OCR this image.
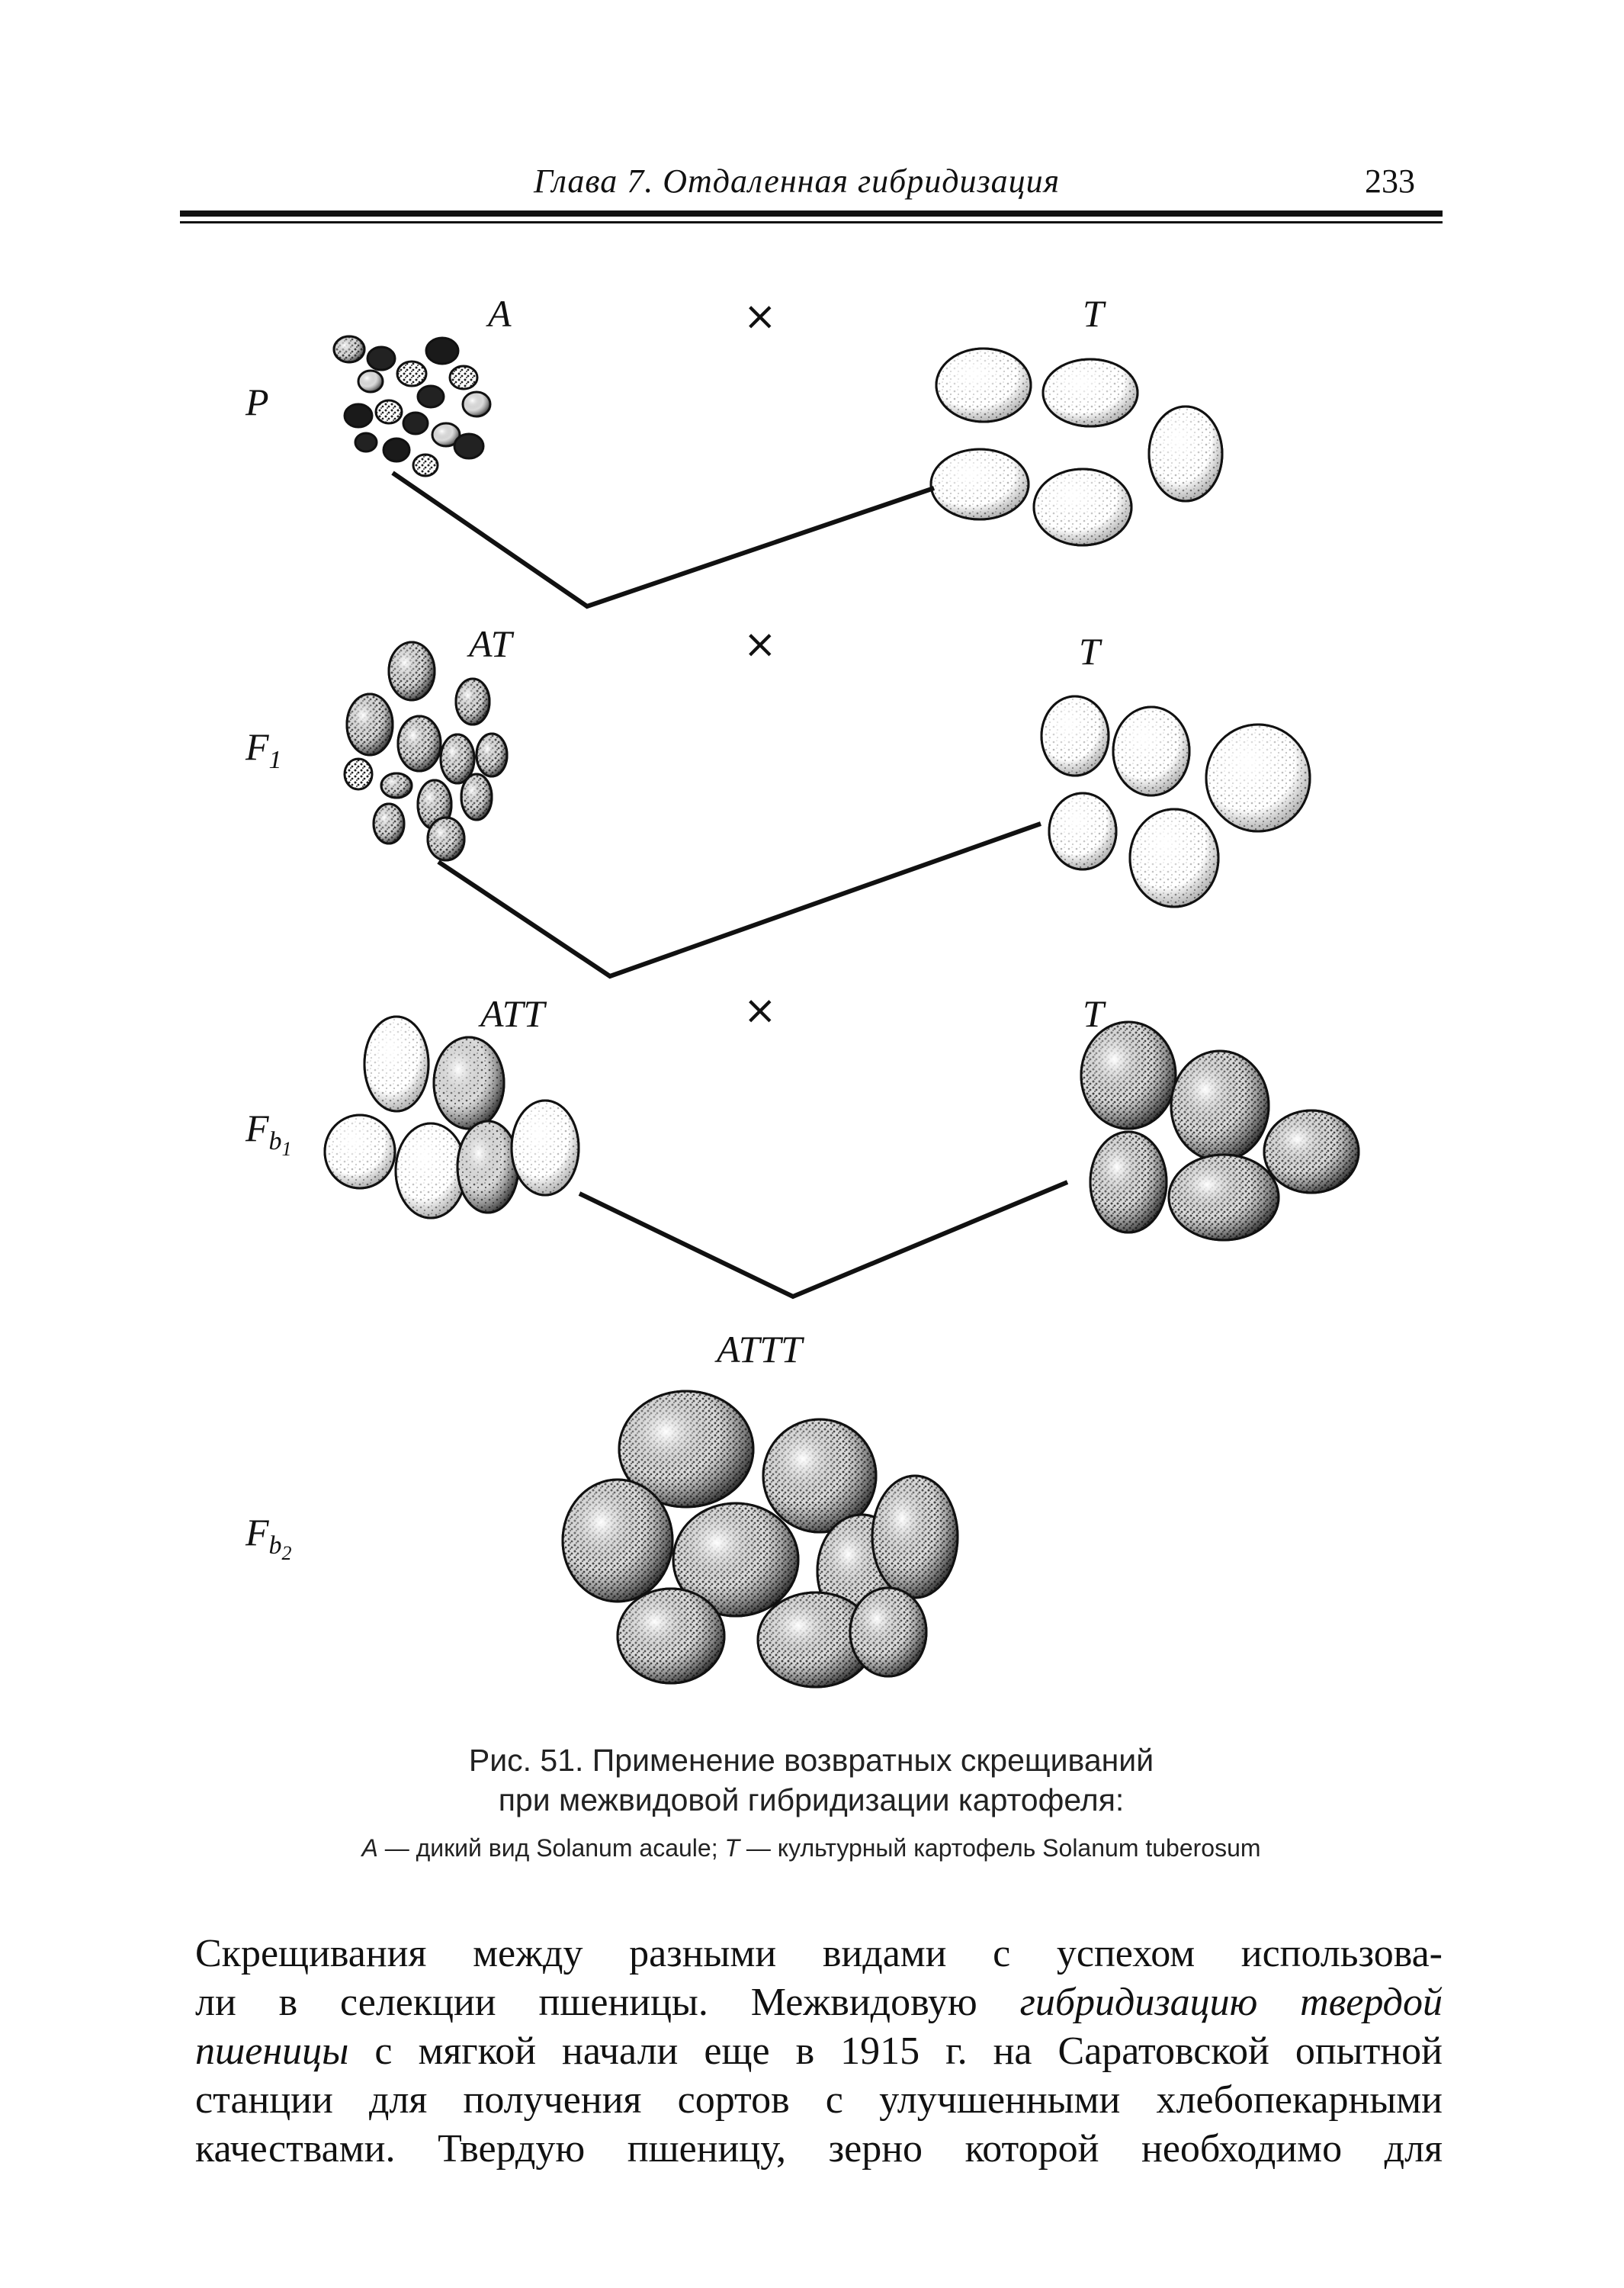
Глава 7. Отдаленная гибридизация	233
P
$F_1$
$F_{b_1}$
$F_{b_2}$
A	T
AT	T
ATT	T
ATTT
×
×
×
Рис. 51. Применение возвратных скрещиваний
при межвидовой гибридизации картофеля:
A — дикий вид Solanum acaule; T — культурный картофель Solanum tuberosum
Скрещивания между разными видами с успехом использова-
ли в селекции пшеницы. Межвидовую гибридизацию твердой
пшеницы с мягкой начали еще в 1915 г. на Саратовской опытной
станции для получения сортов с улучшенными хлебопекарными
качествами. Твердую пшеницу, зерно которой необходимо для
